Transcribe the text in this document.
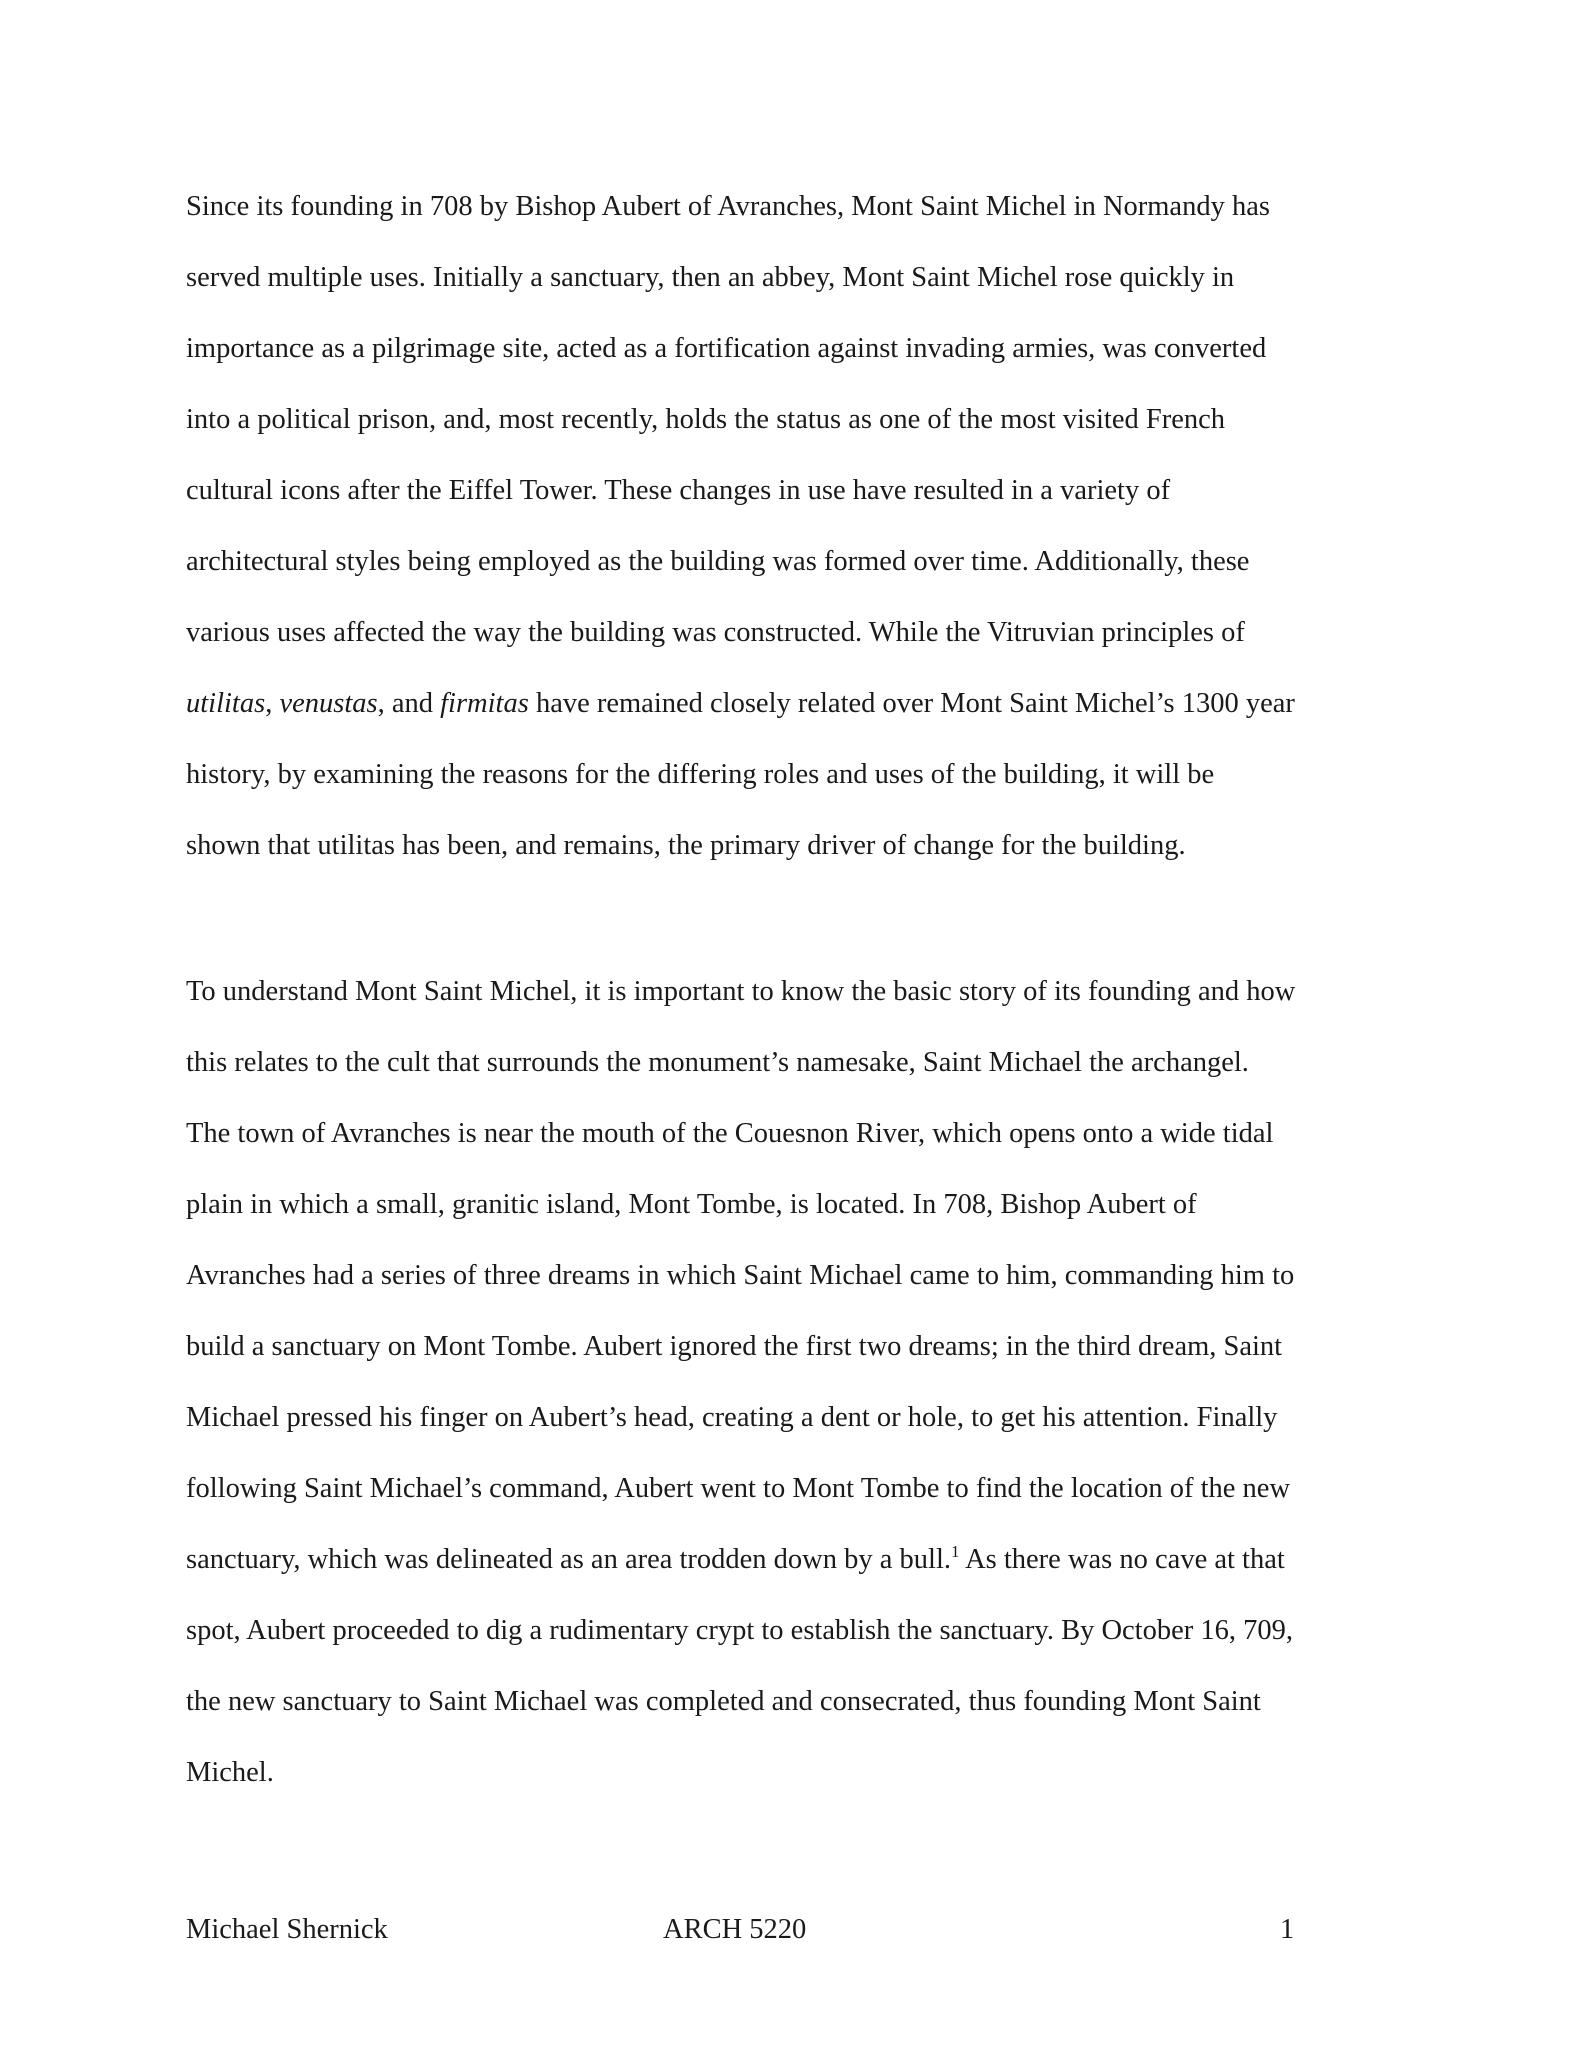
Since its founding in 708 by Bishop Aubert of Avranches, Mont Saint Michel in Normandy has
served multiple uses. Initially a sanctuary, then an abbey, Mont Saint Michel rose quickly in
importance as a pilgrimage site, acted as a fortification against invading armies, was converted
into a political prison, and, most recently, holds the status as one of the most visited French
cultural icons after the Eiffel Tower. These changes in use have resulted in a variety of
architectural styles being employed as the building was formed over time. Additionally, these
various uses affected the way the building was constructed. While the Vitruvian principles of
utilitas, venustas, and firmitas have remained closely related over Mont Saint Michel’s 1300 year
history, by examining the reasons for the differing roles and uses of the building, it will be
shown that utilitas has been, and remains, the primary driver of change for the building.
To understand Mont Saint Michel, it is important to know the basic story of its founding and how
this relates to the cult that surrounds the monument’s namesake, Saint Michael the archangel.
The town of Avranches is near the mouth of the Couesnon River, which opens onto a wide tidal
plain in which a small, granitic island, Mont Tombe, is located. In 708, Bishop Aubert of
Avranches had a series of three dreams in which Saint Michael came to him, commanding him to
build a sanctuary on Mont Tombe. Aubert ignored the first two dreams; in the third dream, Saint
Michael pressed his finger on Aubert’s head, creating a dent or hole, to get his attention. Finally
following Saint Michael’s command, Aubert went to Mont Tombe to find the location of the new
sanctuary, which was delineated as an area trodden down by a bull.$^1$ As there was no cave at that
spot, Aubert proceeded to dig a rudimentary crypt to establish the sanctuary. By October 16, 709,
the new sanctuary to Saint Michael was completed and consecrated, thus founding Mont Saint
Michel.
Michael Shernick	ARCH 5220	1
